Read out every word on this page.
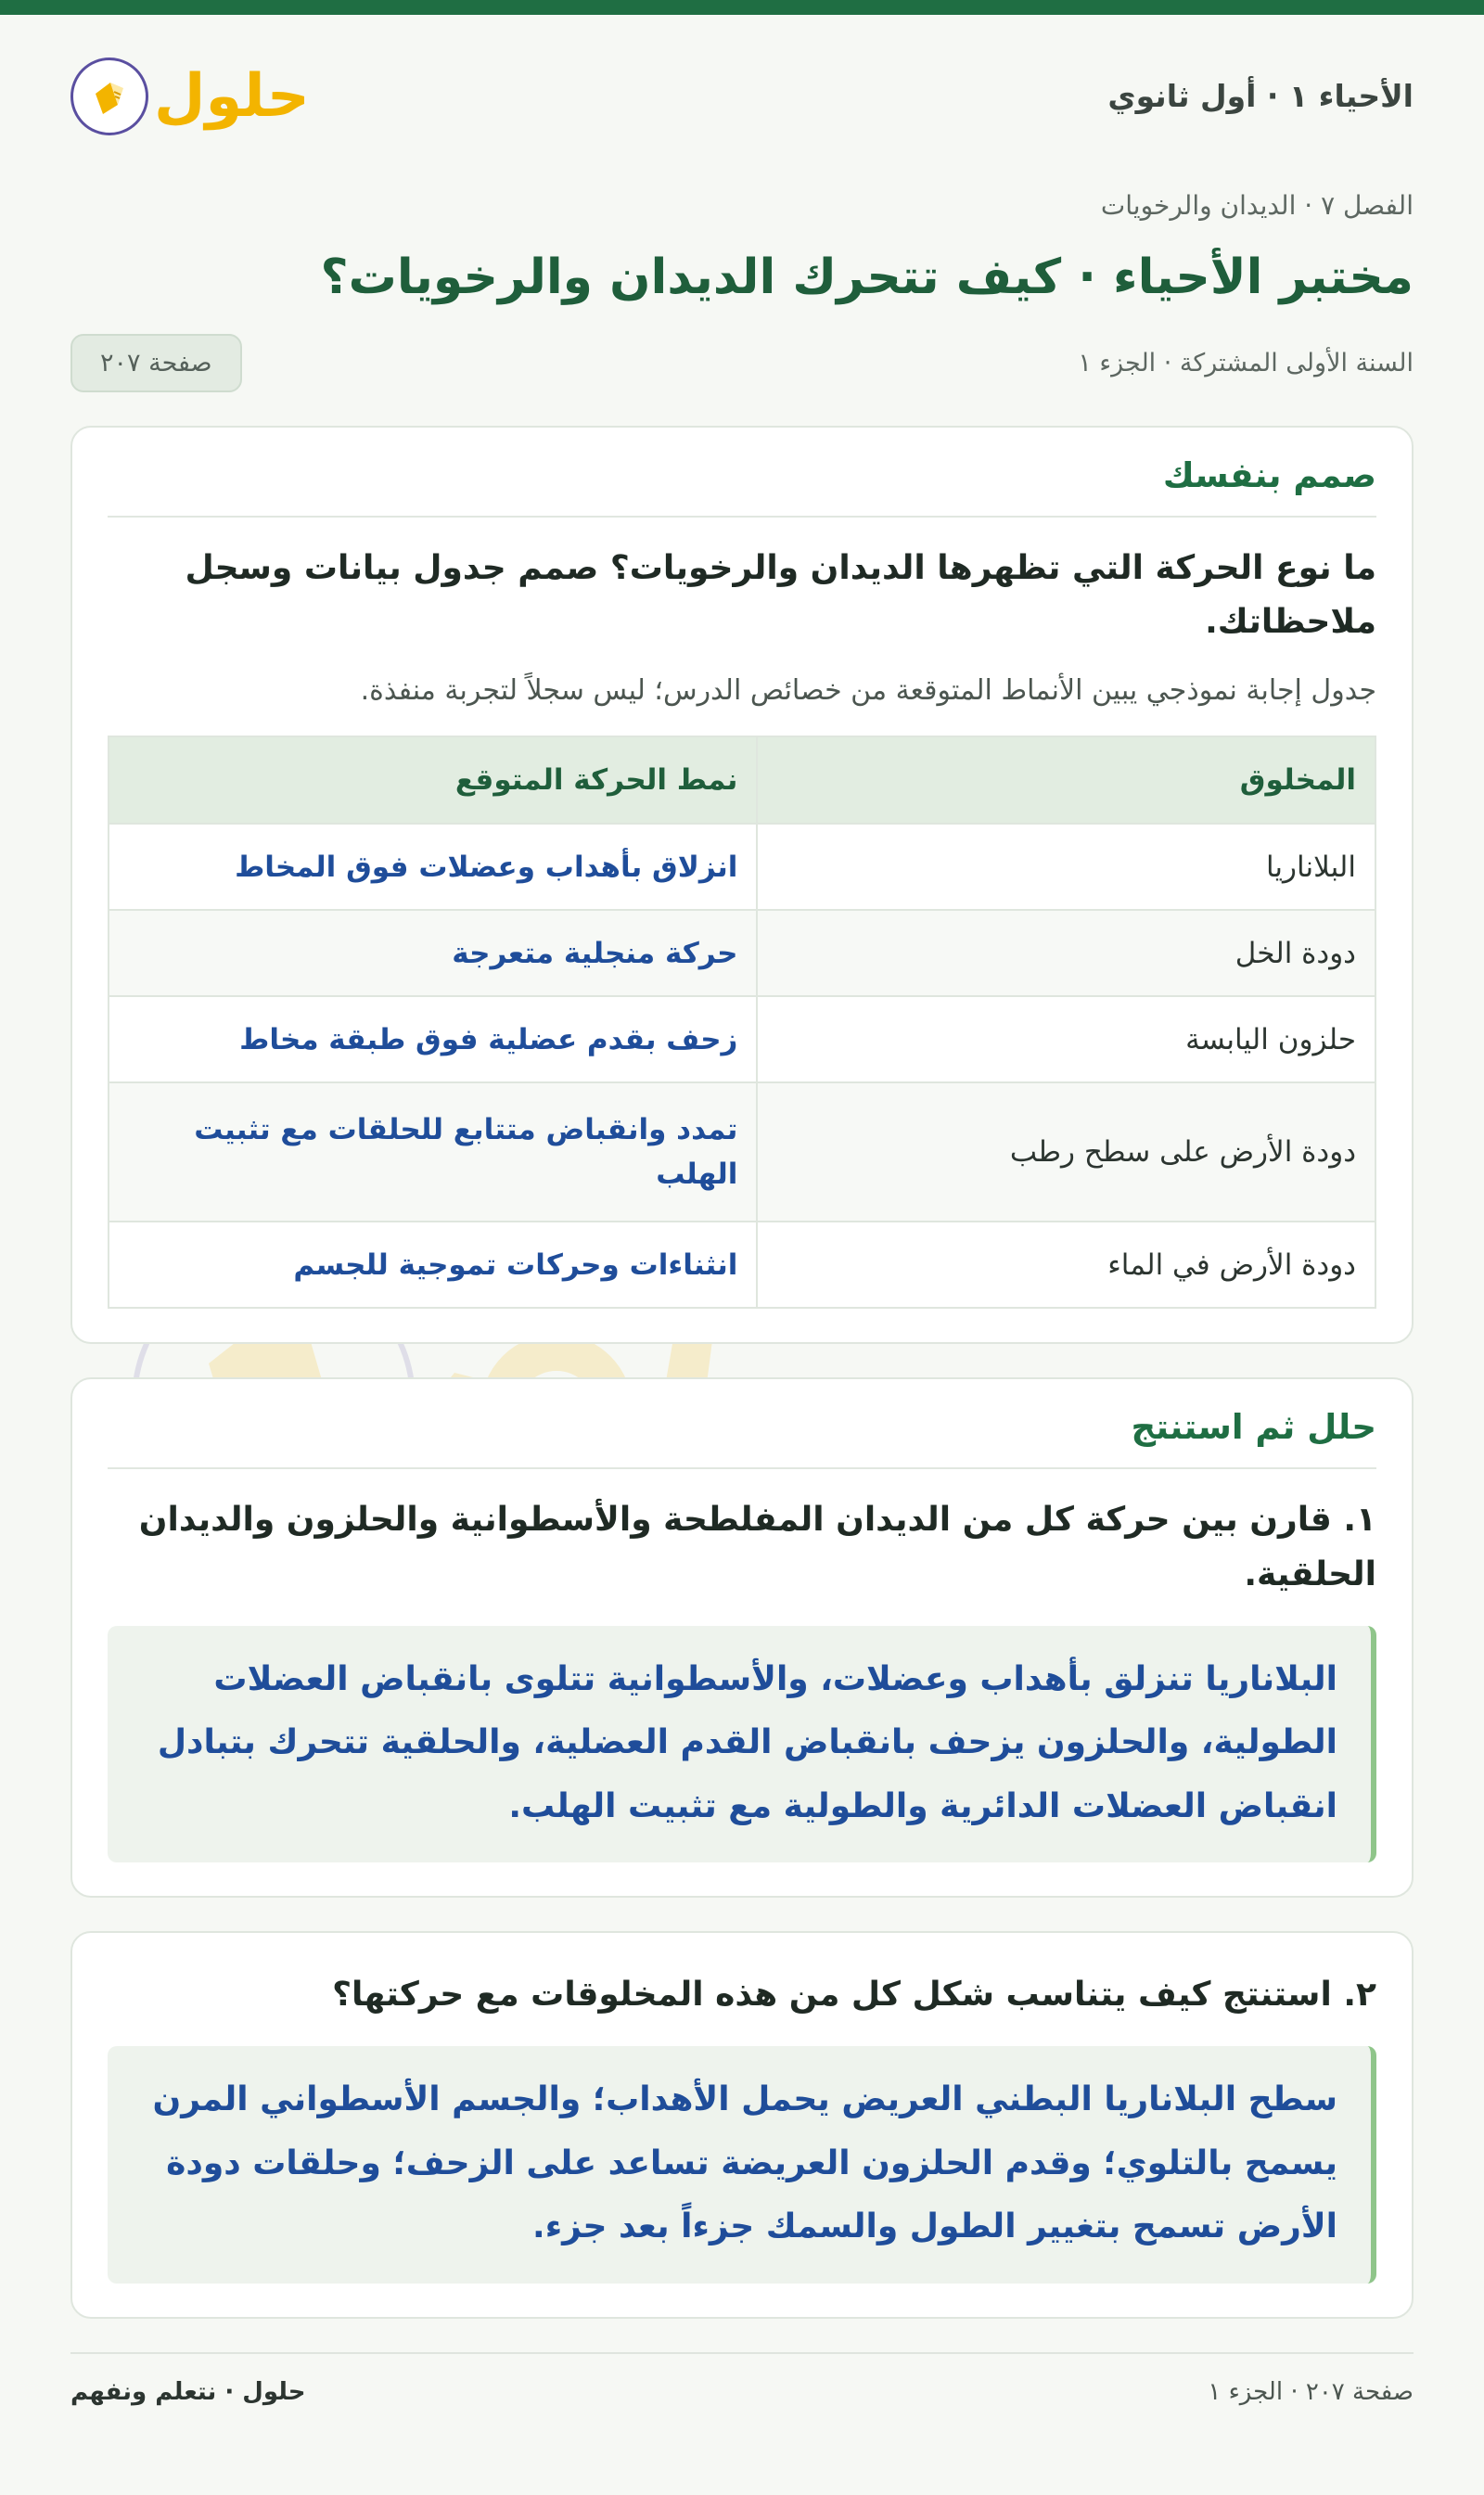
الأحياء ١ · أول ثانوي
حلول
الفصل ٧ · الديدان والرخويات
مختبر الأحياء · كيف تتحرك الديدان والرخويات؟
السنة الأولى المشتركة · الجزء ١
صفحة ٢٠٧
صمم بنفسك

ما نوع الحركة التي تظهرها الديدان والرخويات؟ صمم جدول بيانات وسجل ملاحظاتك.

جدول إجابة نموذجي يبين الأنماط المتوقعة من خصائص الدرس؛ ليس سجلاً لتجربة منفذة.

المخلوق	نمط الحركة المتوقع
البلاناريا	انزلاق بأهداب وعضلات فوق المخاط
دودة الخل	حركة منجلية متعرجة
حلزون اليابسة	زحف بقدم عضلية فوق طبقة مخاط
دودة الأرض على سطح رطب	تمدد وانقباض متتابع للحلقات مع تثبيت الهلب
دودة الأرض في الماء	انثناءات وحركات تموجية للجسم
حلل ثم استنتج

١. قارن بين حركة كل من الديدان المفلطحة والأسطوانية والحلزون والديدان الحلقية.

البلاناريا تنزلق بأهداب وعضلات، والأسطوانية تتلوى بانقباض العضلات الطولية، والحلزون يزحف بانقباض القدم العضلية، والحلقية تتحرك بتبادل انقباض العضلات الدائرية والطولية مع تثبيت الهلب.

٢. استنتج كيف يتناسب شكل كل من هذه المخلوقات مع حركتها؟

سطح البلاناريا البطني العريض يحمل الأهداب؛ والجسم الأسطواني المرن يسمح بالتلوي؛ وقدم الحلزون العريضة تساعد على الزحف؛ وحلقات دودة الأرض تسمح بتغيير الطول والسمك جزءاً بعد جزء.
صفحة ٢٠٧ · الجزء ١
حلول · نتعلم ونفهم
